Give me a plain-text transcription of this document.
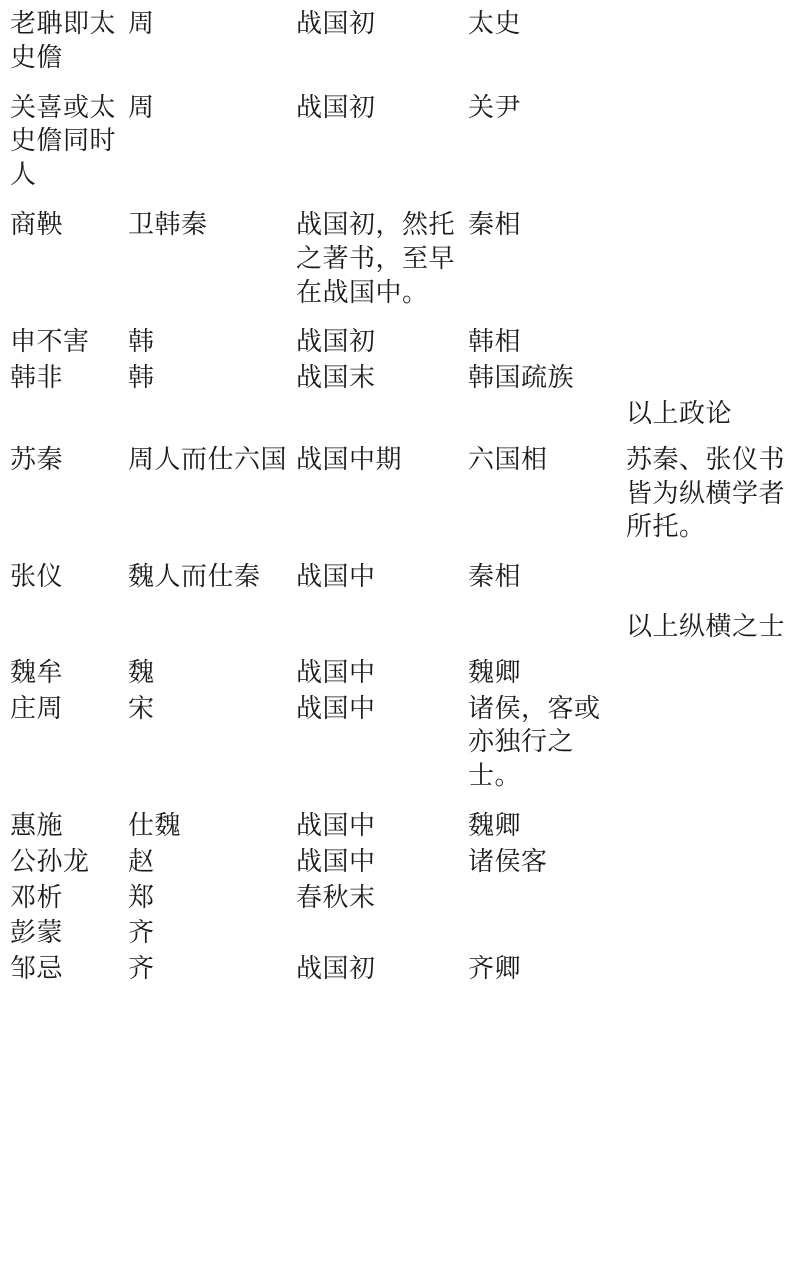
老聃即太史儋	周	战国初	太史	

关喜或太史儋同时人	周	战国初	关尹	

商鞅	卫韩秦	战国初，然托之著书，至早在战国中。	秦相	

申不害	韩	战国初	韩相	

韩非	韩	战国末	韩国疏族	

				以上政论

苏秦	周人而仕六国	战国中期	六国相	苏秦、张仪书皆为纵横学者所托。

张仪	魏人而仕秦	战国中	秦相	

				以上纵横之士

魏牟	魏	战国中	魏卿	

庄周	宋	战国中	诸侯，客或亦独行之士。	

惠施	仕魏	战国中	魏卿	

公孙龙	赵	战国中	诸侯客	

邓析	郑	春秋末		

彭蒙	齐			

邹忌	齐	战国初	齐卿	
